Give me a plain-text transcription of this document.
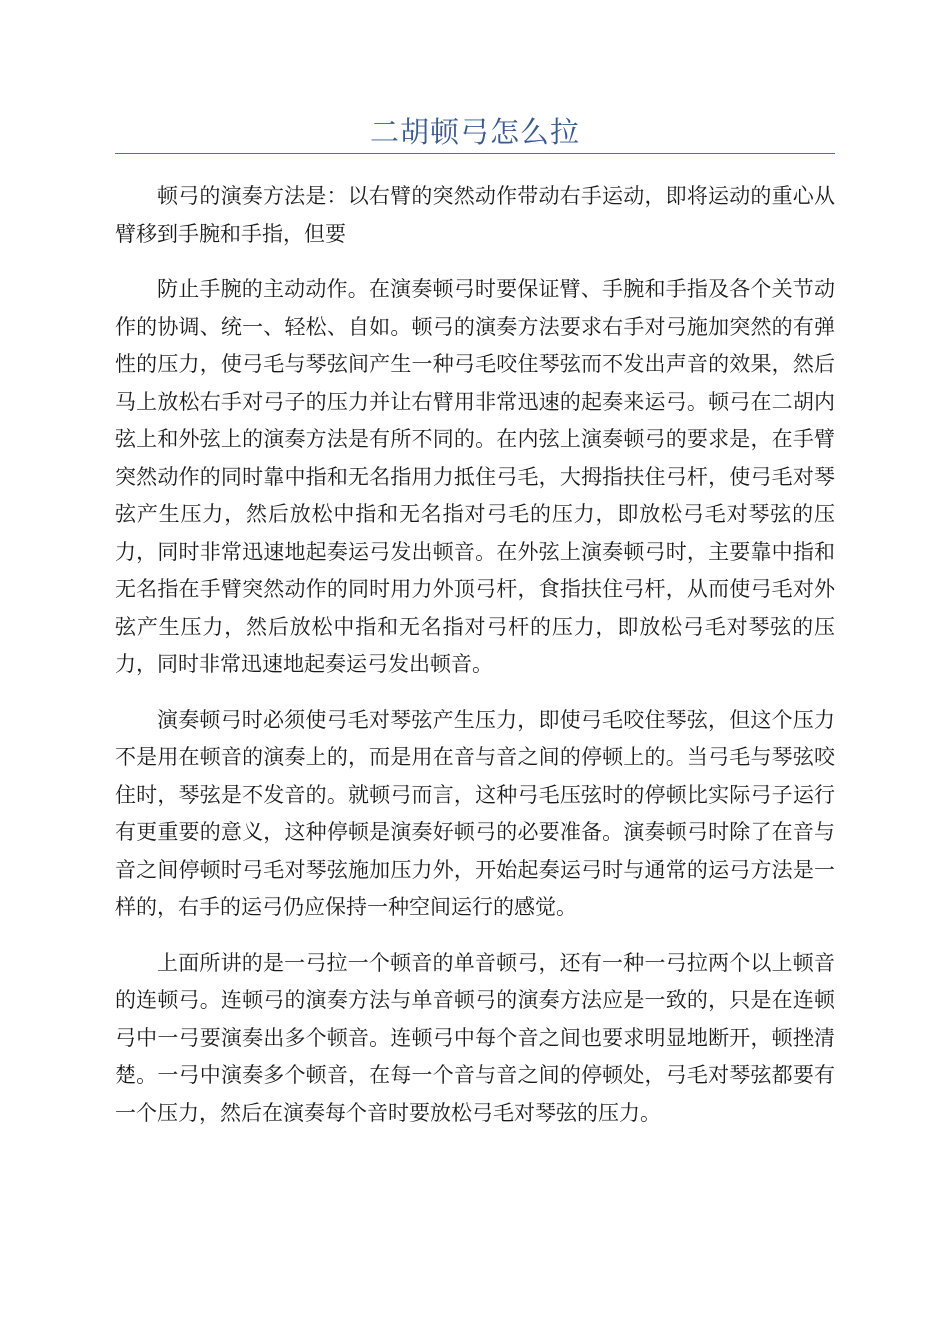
二胡顿弓怎么拉

顿弓的演奏方法是：以右臂的突然动作带动右手运动，即将运动的重心从臂移到手腕和手指，但要

防止手腕的主动动作。在演奏顿弓时要保证臂、手腕和手指及各个关节动作的协调、统一、轻松、自如。顿弓的演奏方法要求右手对弓施加突然的有弹性的压力，使弓毛与琴弦间产生一种弓毛咬住琴弦而不发出声音的效果，然后马上放松右手对弓子的压力并让右臂用非常迅速的起奏来运弓。顿弓在二胡内弦上和外弦上的演奏方法是有所不同的。在内弦上演奏顿弓的要求是，在手臂突然动作的同时靠中指和无名指用力抵住弓毛，大拇指扶住弓杆，使弓毛对琴弦产生压力，然后放松中指和无名指对弓毛的压力，即放松弓毛对琴弦的压力，同时非常迅速地起奏运弓发出顿音。在外弦上演奏顿弓时，主要靠中指和无名指在手臂突然动作的同时用力外顶弓杆，食指扶住弓杆，从而使弓毛对外弦产生压力，然后放松中指和无名指对弓杆的压力，即放松弓毛对琴弦的压力，同时非常迅速地起奏运弓发出顿音。

演奏顿弓时必须使弓毛对琴弦产生压力，即使弓毛咬住琴弦，但这个压力不是用在顿音的演奏上的，而是用在音与音之间的停顿上的。当弓毛与琴弦咬住时，琴弦是不发音的。就顿弓而言，这种弓毛压弦时的停顿比实际弓子运行有更重要的意义，这种停顿是演奏好顿弓的必要准备。演奏顿弓时除了在音与音之间停顿时弓毛对琴弦施加压力外，开始起奏运弓时与通常的运弓方法是一样的，右手的运弓仍应保持一种空间运行的感觉。

上面所讲的是一弓拉一个顿音的单音顿弓，还有一种一弓拉两个以上顿音的连顿弓。连顿弓的演奏方法与单音顿弓的演奏方法应是一致的，只是在连顿弓中一弓要演奏出多个顿音。连顿弓中每个音之间也要求明显地断开，顿挫清楚。一弓中演奏多个顿音，在每一个音与音之间的停顿处，弓毛对琴弦都要有一个压力，然后在演奏每个音时要放松弓毛对琴弦的压力。
